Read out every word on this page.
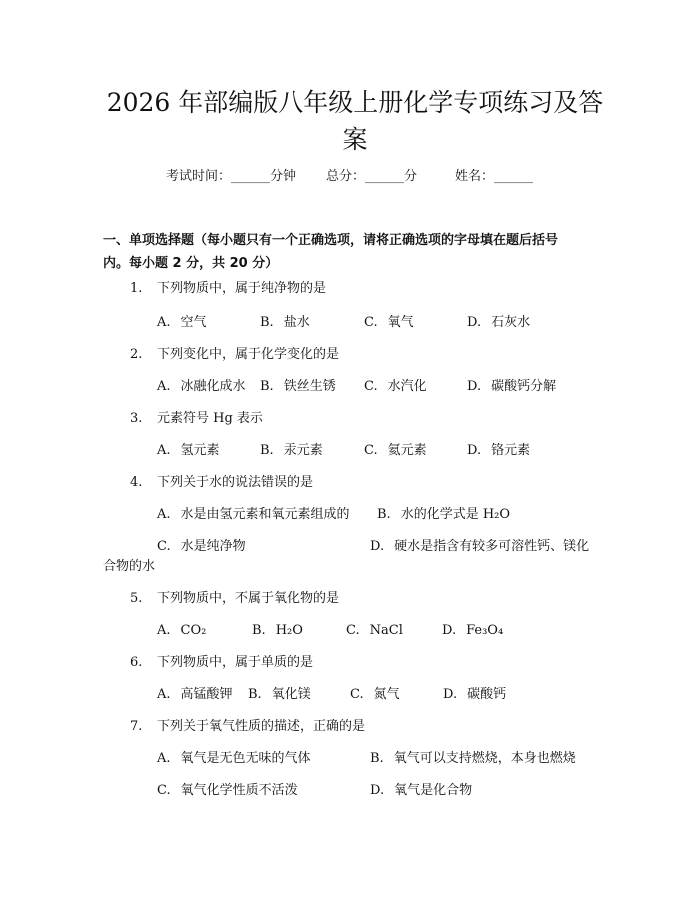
2026 年部编版八年级上册化学专项练习及答
案
考试时间：______分钟 总分：______分	姓名：______
一、单项选择题（每小题只有一个正确选项，请将正确选项的字母填在题后括号
内。每小题 2 分，共 20 分）
1. 下列物质中，属于纯净物的是
A. 空气	B. 盐水	C. 氧气	D. 石灰水
2. 下列变化中，属于化学变化的是
A. 冰融化成水 B. 铁丝生锈 C. 水汽化	D. 碳酸钙分解
3. 元素符号 Hg 表示
A. 氢元素	B. 汞元素	C. 氦元素	D. 铬元素
4. 下列关于水的说法错误的是
A. 水是由氢元素和氧元素组成的 B. 水的化学式是 H₂O
C. 水是纯净物	D. 硬水是指含有较多可溶性钙、镁化
合物的水
5. 下列物质中，不属于氧化物的是
A. CO₂	B. H₂O	C. NaCl	D. Fe₃O₄
6. 下列物质中，属于单质的是
A. 高锰酸钾 B. 氧化镁	C. 氮气	D. 碳酸钙
7. 下列关于氧气性质的描述，正确的是
A. 氧气是无色无味的气体	B. 氧气可以支持燃烧，本身也燃烧
C. 氧气化学性质不活泼	D. 氧气是化合物
